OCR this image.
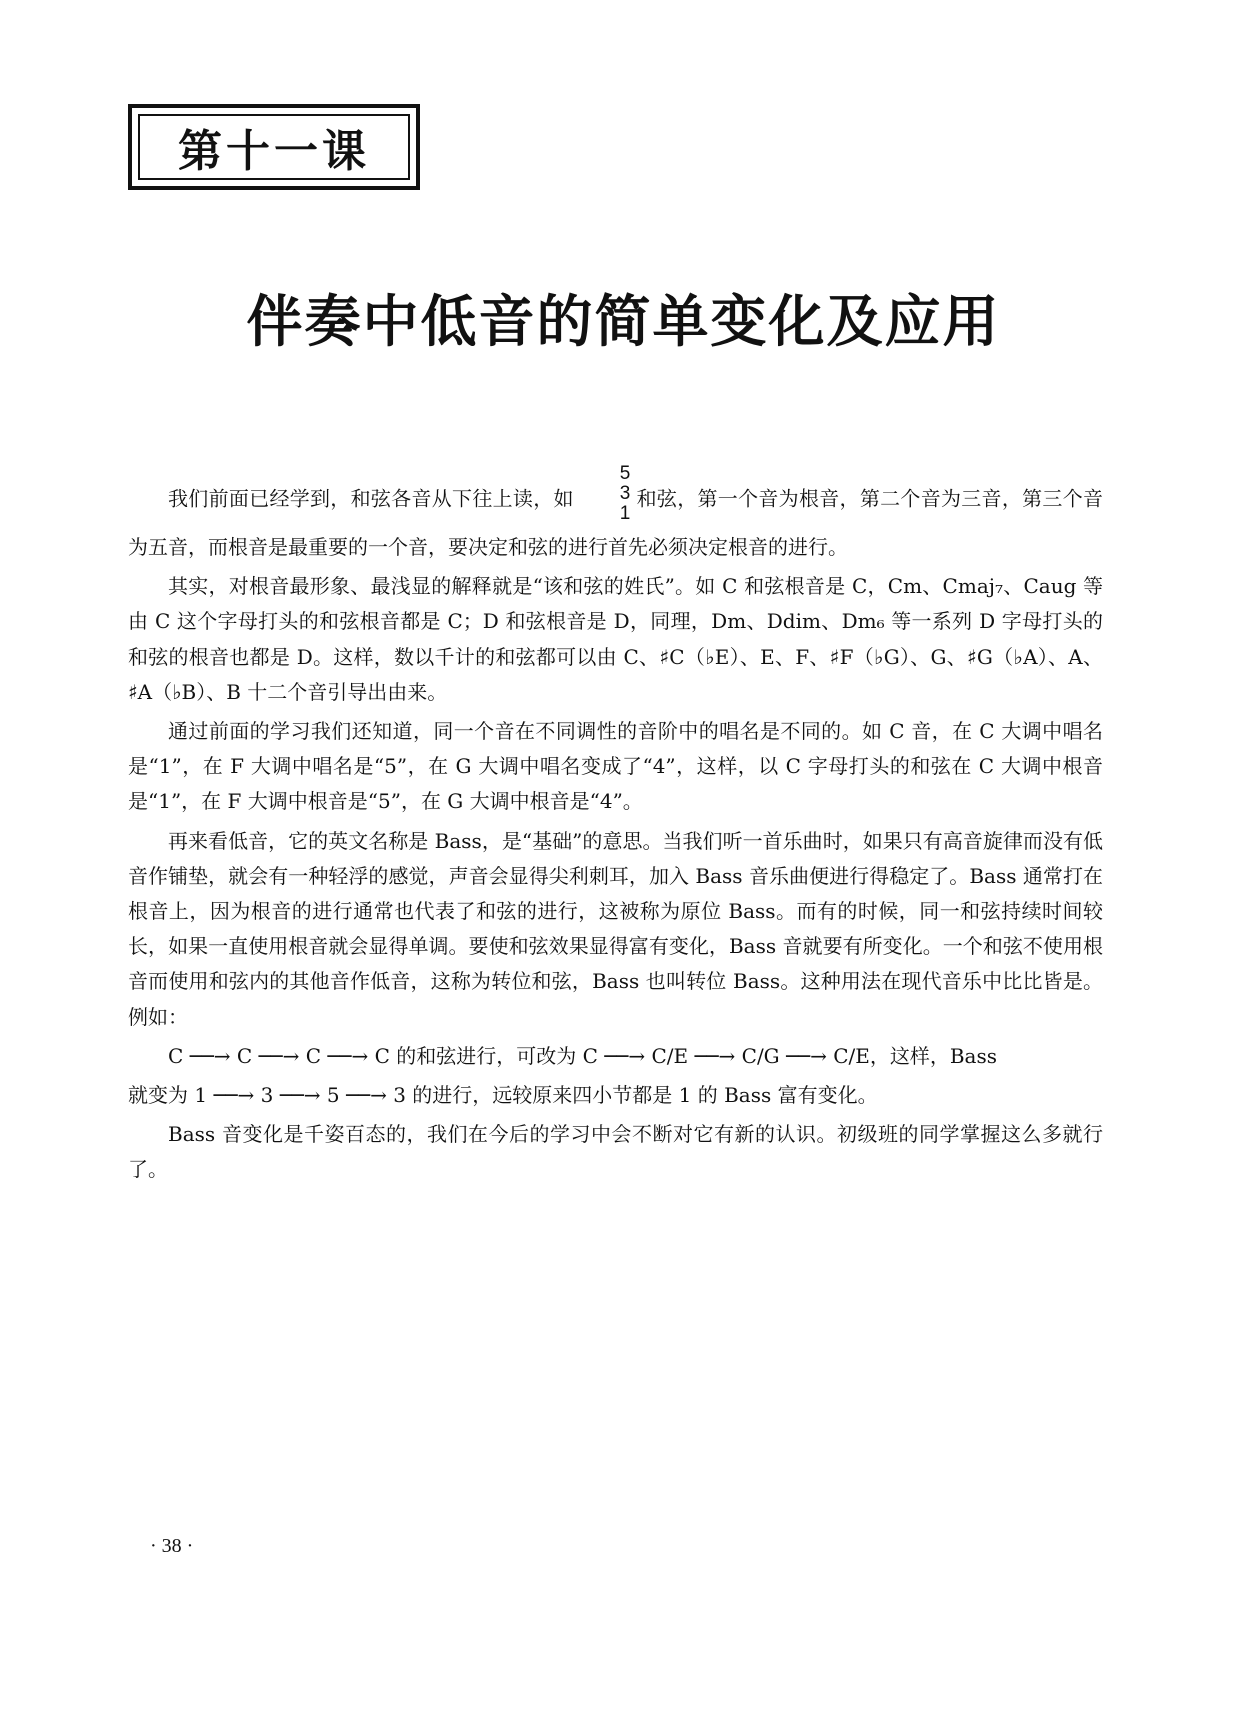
第十一课
伴奏中低音的简单变化及应用

我们前面已经学到，和弦各音从下往上读，如
5
3
1
和弦，第一个音为根音，第二个音为三音，第三个音为五音，而根音是最重要的一个音，要决定和弦的进行首先必须决定根音的进行。

其实，对根音最形象、最浅显的解释就是“该和弦的姓氏”。如 C 和弦根音是 C，Cm、Cmaj₇、Caug 等由 C 这个字母打头的和弦根音都是 C；D 和弦根音是 D，同理，Dm、Ddim、Dm₆ 等一系列 D 字母打头的和弦的根音也都是 D。这样，数以千计的和弦都可以由 C、♯C（♭E）、E、F、♯F（♭G）、G、♯G（♭A）、A、♯A（♭B）、B 十二个音引导出由来。

通过前面的学习我们还知道，同一个音在不同调性的音阶中的唱名是不同的。如 C 音，在 C 大调中唱名是“1”，在 F 大调中唱名是“5”，在 G 大调中唱名变成了“4”，这样，以 C 字母打头的和弦在 C 大调中根音是“1”，在 F 大调中根音是“5”，在 G 大调中根音是“4”。

再来看低音，它的英文名称是 Bass，是“基础”的意思。当我们听一首乐曲时，如果只有高音旋律而没有低音作铺垫，就会有一种轻浮的感觉，声音会显得尖利刺耳，加入 Bass 音乐曲便进行得稳定了。Bass 通常打在根音上，因为根音的进行通常也代表了和弦的进行，这被称为原位 Bass。而有的时候，同一和弦持续时间较长，如果一直使用根音就会显得单调。要使和弦效果显得富有变化，Bass 音就要有所变化。一个和弦不使用根音而使用和弦内的其他音作低音，这称为转位和弦，Bass 也叫转位 Bass。这种用法在现代音乐中比比皆是。例如：

C ──→ C ──→ C ──→ C 的和弦进行，可改为 C ──→ C/E ──→ C/G ──→ C/E，这样，Bass

就变为 1 ──→ 3 ──→ 5 ──→ 3 的进行，远较原来四小节都是 1 的 Bass 富有变化。

Bass 音变化是千姿百态的，我们在今后的学习中会不断对它有新的认识。初级班的同学掌握这么多就行了。

· 38 ·
